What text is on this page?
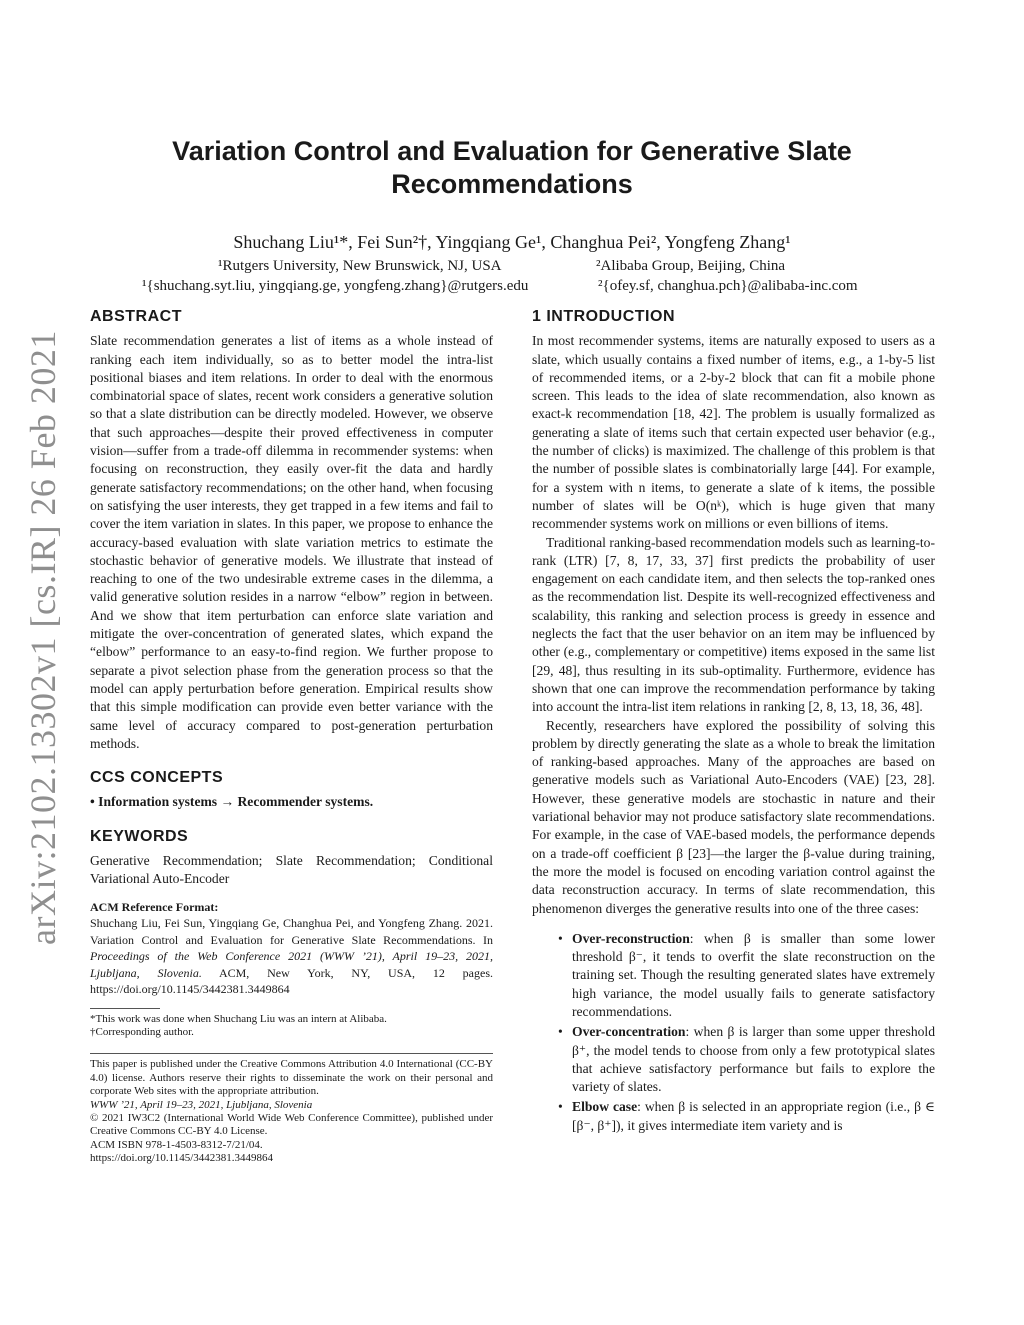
arXiv:2102.13302v1 [cs.IR] 26 Feb 2021
Variation Control and Evaluation for Generative Slate Recommendations
Shuchang Liu¹*, Fei Sun²†, Yingqiang Ge¹, Changhua Pei², Yongfeng Zhang¹
¹Rutgers University, New Brunswick, NJ, USA	²Alibaba Group, Beijing, China
¹{shuchang.syt.liu, yingqiang.ge, yongfeng.zhang}@rutgers.edu	²{ofey.sf, changhua.pch}@alibaba-inc.com
ABSTRACT

Slate recommendation generates a list of items as a whole instead of ranking each item individually, so as to better model the intra-list positional biases and item relations. In order to deal with the enormous combinatorial space of slates, recent work considers a generative solution so that a slate distribution can be directly modeled. However, we observe that such approaches—despite their proved effectiveness in computer vision—suffer from a trade-off dilemma in recommender systems: when focusing on reconstruction, they easily over-fit the data and hardly generate satisfactory recommendations; on the other hand, when focusing on satisfying the user interests, they get trapped in a few items and fail to cover the item variation in slates. In this paper, we propose to enhance the accuracy-based evaluation with slate variation metrics to estimate the stochastic behavior of generative models. We illustrate that instead of reaching to one of the two undesirable extreme cases in the dilemma, a valid generative solution resides in a narrow “elbow” region in between. And we show that item perturbation can enforce slate variation and mitigate the over-concentration of generated slates, which expand the “elbow” performance to an easy-to-find region. We further propose to separate a pivot selection phase from the generation process so that the model can apply perturbation before generation. Empirical results show that this simple modification can provide even better variance with the same level of accuracy compared to post-generation perturbation methods.

CCS CONCEPTS

• Information systems → Recommender systems.

KEYWORDS

Generative Recommendation; Slate Recommendation; Conditional Variational Auto-Encoder

ACM Reference Format:
Shuchang Liu, Fei Sun, Yingqiang Ge, Changhua Pei, and Yongfeng Zhang. 2021. Variation Control and Evaluation for Generative Slate Recommendations. In Proceedings of the Web Conference 2021 (WWW ’21), April 19–23, 2021, Ljubljana, Slovenia. ACM, New York, NY, USA, 12 pages. https://doi.org/10.1145/3442381.3449864
*This work was done when Shuchang Liu was an intern at Alibaba.
†Corresponding author.
This paper is published under the Creative Commons Attribution 4.0 International (CC-BY 4.0) license. Authors reserve their rights to disseminate the work on their personal and corporate Web sites with the appropriate attribution.
WWW ’21, April 19–23, 2021, Ljubljana, Slovenia
© 2021 IW3C2 (International World Wide Web Conference Committee), published under Creative Commons CC-BY 4.0 License.
ACM ISBN 978-1-4503-8312-7/21/04.
https://doi.org/10.1145/3442381.3449864
1 INTRODUCTION

In most recommender systems, items are naturally exposed to users as a slate, which usually contains a fixed number of items, e.g., a 1-by-5 list of recommended items, or a 2-by-2 block that can fit a mobile phone screen. This leads to the idea of slate recommendation, also known as exact-k recommendation [18, 42]. The problem is usually formalized as generating a slate of items such that certain expected user behavior (e.g., the number of clicks) is maximized. The challenge of this problem is that the number of possible slates is combinatorially large [44]. For example, for a system with n items, to generate a slate of k items, the possible number of slates will be O(nᵏ), which is huge given that many recommender systems work on millions or even billions of items.

Traditional ranking-based recommendation models such as learning-to-rank (LTR) [7, 8, 17, 33, 37] first predicts the probability of user engagement on each candidate item, and then selects the top-ranked ones as the recommendation list. Despite its well-recognized effectiveness and scalability, this ranking and selection process is greedy in essence and neglects the fact that the user behavior on an item may be influenced by other (e.g., complementary or competitive) items exposed in the same list [29, 48], thus resulting in its sub-optimality. Furthermore, evidence has shown that one can improve the recommendation performance by taking into account the intra-list item relations in ranking [2, 8, 13, 18, 36, 48].

Recently, researchers have explored the possibility of solving this problem by directly generating the slate as a whole to break the limitation of ranking-based approaches. Many of the approaches are based on generative models such as Variational Auto-Encoders (VAE) [23, 28]. However, these generative models are stochastic in nature and their variational behavior may not produce satisfactory slate recommendations. For example, in the case of VAE-based models, the performance depends on a trade-off coefficient β [23]—the larger the β-value during training, the more the model is focused on encoding variation control against the data reconstruction accuracy. In terms of slate recommendation, this phenomenon diverges the generative results into one of the three cases:

• Over-reconstruction: when β is smaller than some lower threshold β⁻, it tends to overfit the slate reconstruction on the training set. Though the resulting generated slates have extremely high variance, the model usually fails to generate satisfactory recommendations.
• Over-concentration: when β is larger than some upper threshold β⁺, the model tends to choose from only a few prototypical slates that achieve satisfactory performance but fails to explore the variety of slates.
• Elbow case: when β is selected in an appropriate region (i.e., β ∈ [β⁻, β⁺]), it gives intermediate item variety and is
